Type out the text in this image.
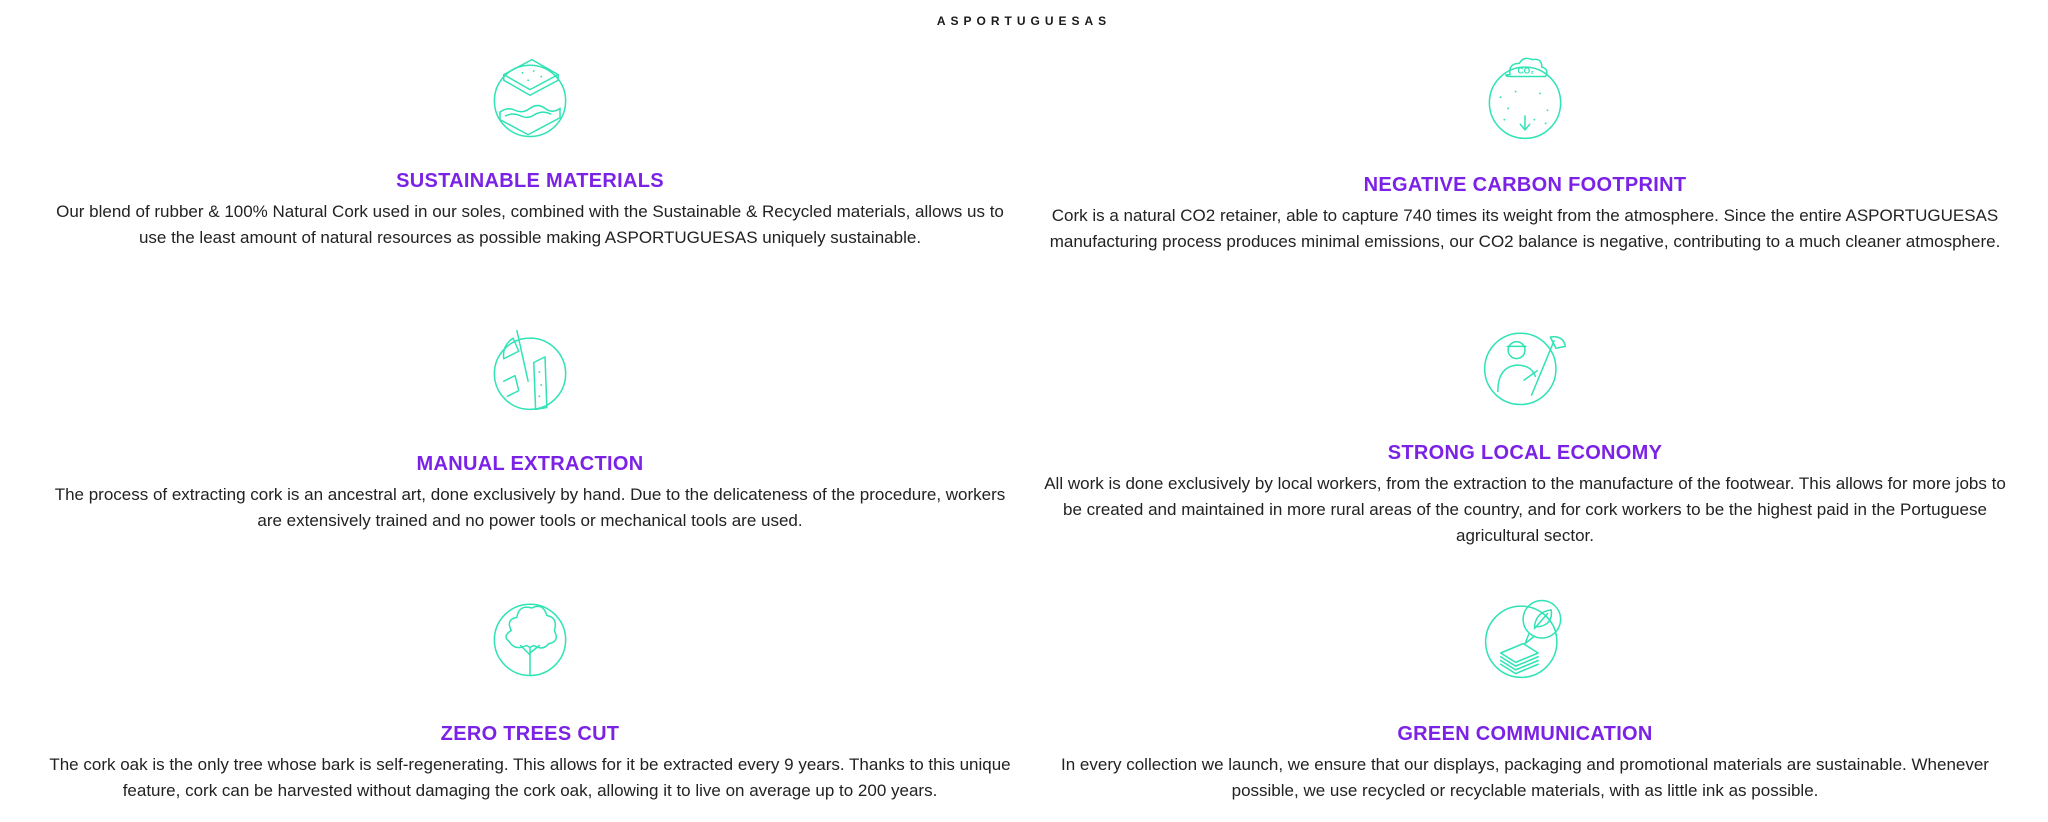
ASPORTUGUESAS
SUSTAINABLE MATERIALS

Our blend of rubber & 100% Natural Cork used in our soles, combined with the Sustainable & Recycled materials, allows us to use the least amount of natural resources as possible making ASPORTUGUESAS uniquely sustainable.

CO₂
NEGATIVE CARBON FOOTPRINT

Cork is a natural CO2 retainer, able to capture 740 times its weight from the atmosphere. Since the entire ASPORTUGUESAS manufacturing process produces minimal emissions, our CO2 balance is negative, contributing to a much cleaner atmosphere.

MANUAL EXTRACTION

The process of extracting cork is an ancestral art, done exclusively by hand. Due to the delicateness of the procedure, workers are extensively trained and no power tools or mechanical tools are used.

STRONG LOCAL ECONOMY

All work is done exclusively by local workers, from the extraction to the manufacture of the footwear. This allows for more jobs to be created and maintained in more rural areas of the country, and for cork workers to be the highest paid in the Portuguese agricultural sector.

ZERO TREES CUT

The cork oak is the only tree whose bark is self-regenerating. This allows for it be extracted every 9 years. Thanks to this unique feature, cork can be harvested without damaging the cork oak, allowing it to live on average up to 200 years.

GREEN COMMUNICATION

In every collection we launch, we ensure that our displays, packaging and promotional materials are sustainable. Whenever possible, we use recycled or recyclable materials, with as little ink as possible.
